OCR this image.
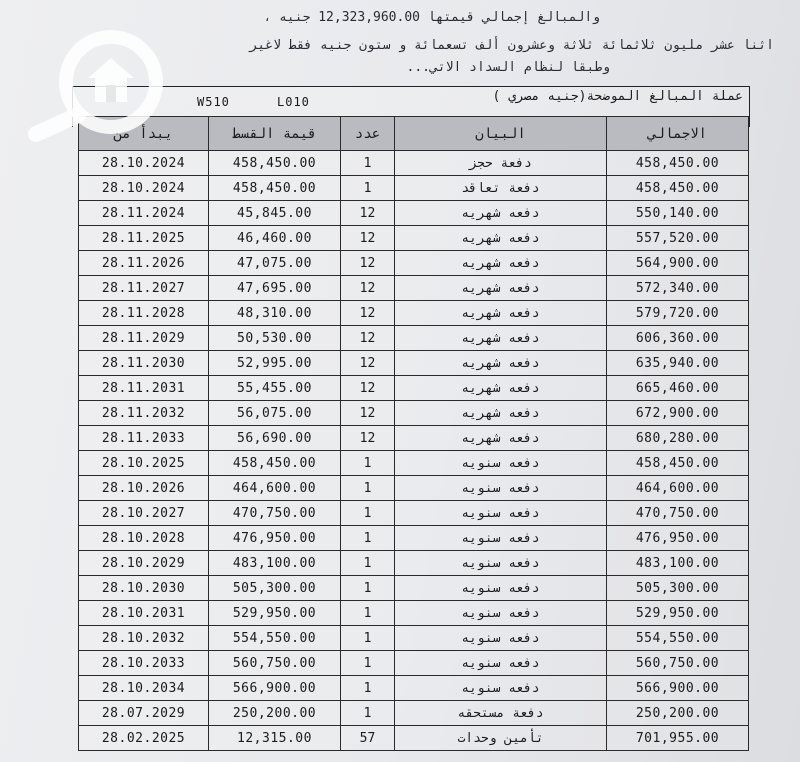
والمبالغ إجمالي قيمتها 12,323,960.00 جنيه ،
اثنا عشر مليون ثلاثمائة ثلاثة وعشرون ألف تسعمائة و ستون جنيه فقط لاغير
وطبقا لنظام السداد الاتي...
عملة المبالغ الموضحة(جنيه مصري )
W510	L010
يبدأ من	قيمة القسط	عدد	البيان	الاجمالي
28.10.2024	458,450.00	1	دفعة حجز	458,450.00
28.10.2024	458,450.00	1	دفعة تعاقد	458,450.00
28.11.2024	45,845.00	12	دفعه شهريه	550,140.00
28.11.2025	46,460.00	12	دفعه شهريه	557,520.00
28.11.2026	47,075.00	12	دفعه شهريه	564,900.00
28.11.2027	47,695.00	12	دفعه شهريه	572,340.00
28.11.2028	48,310.00	12	دفعه شهريه	579,720.00
28.11.2029	50,530.00	12	دفعه شهريه	606,360.00
28.11.2030	52,995.00	12	دفعه شهريه	635,940.00
28.11.2031	55,455.00	12	دفعه شهريه	665,460.00
28.11.2032	56,075.00	12	دفعه شهريه	672,900.00
28.11.2033	56,690.00	12	دفعه شهريه	680,280.00
28.10.2025	458,450.00	1	دفعه سنويه	458,450.00
28.10.2026	464,600.00	1	دفعه سنويه	464,600.00
28.10.2027	470,750.00	1	دفعه سنويه	470,750.00
28.10.2028	476,950.00	1	دفعه سنويه	476,950.00
28.10.2029	483,100.00	1	دفعه سنويه	483,100.00
28.10.2030	505,300.00	1	دفعه سنويه	505,300.00
28.10.2031	529,950.00	1	دفعه سنويه	529,950.00
28.10.2032	554,550.00	1	دفعه سنويه	554,550.00
28.10.2033	560,750.00	1	دفعه سنويه	560,750.00
28.10.2034	566,900.00	1	دفعه سنويه	566,900.00
28.07.2029	250,200.00	1	دفعة مستحقه	250,200.00
28.02.2025	12,315.00	57	تأمين وحدات	701,955.00
